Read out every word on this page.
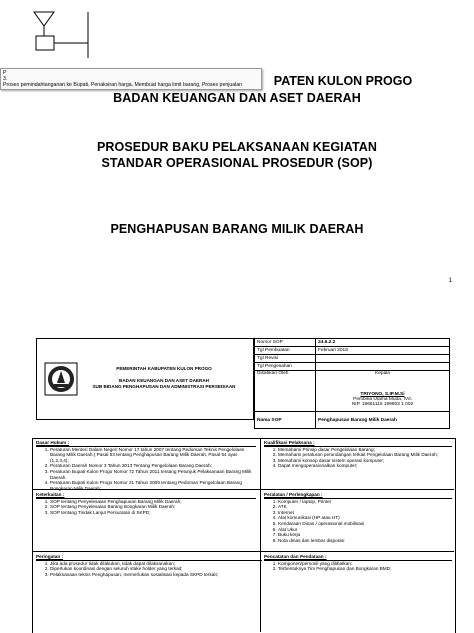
P
3.
Proses pemindahtanganan ke Bupati, Penaksiran harga, Membuat harga limit barang, Proses penjualan	PATEN KULON PROGO
BADAN KEUANGAN DAN ASET DAERAH
PROSEDUR BAKU PELAKSANAAN KEGIATAN
STANDAR OPERASIONAL PROSEDUR (SOP)
PENGHAPUSAN BARANG MILIK DAERAH
1
PEMERINTAH KABUPATEN KULON PROGO
BADAN KEUANGAN DAN ASET DAERAH
SUB BIDANG PENGHAPUSAN DAN ADMINISTRASI PERSEDIAAN
Nomor SOP	24.6.2.2
Tgl Pembuatan	Februari 2018
Tgl Revisi	
Tgl Pengesahan	
Disahkan Oleh	Kepala
TRIYONO, S.IP.M.Si
Pembina Utama Muda, IV/c
NIP. 19661115 199603 1 002

Nama SOP	Penghapusan Barang Milik Daerah
Dasar Hukum :
1. Peraturan Menteri Dalam Negeri Nomor 17 tahun 2007 tentang Pedoman Teknis Pengelolaan Barang Milik Daerah.( Pasal 53 tentang Penghapusan Barang Milik Daerah, Pasal 54 ayat (1,2,3,4);
2. Peraturan Daerah Nomor 3 Tahun 2013 Tentang Pengelolaan Barang Daerah;
3. Peraturan Bupati Kulon Progo Nomor 72 Tahun 2011 tentang Petunjuk Pelaksanaan Barang Milik Daerah.
4. Peraturan Bupati Kulon Progo Nomor 21 Tahun 2009 tentang Pedoman Pengelolaan Barang
Kualifikasi Pelaksana :
1. Memahami Prinsip dasar Pengelolaan Barang;
2. Memahami peraturan perundangan terkait Pengelolaan Barang Milik Daerah;
3. Memahami konsep dasar sistem operasi komputer;
4. Dapat mengoperasionalkan komputer;
Keterkaitan :
1. SOP tentang Penyelesaian Penghapusan Barang Milik Daerah;
2. SOP tentang Penyelesaian Barang Bongkaran Milik Daerah;
3. SOP tentang Tindak Lanjut Persuratan di SKPD;
Peralatan / Perlengkapan :
1. Komputer / laptop, Printer
2. ATK
3. Internet
4. Alat komunikasi (HP atau HT)
5. Kendaraan Dinas / operasional mobilisasi
6. Alat Ukur
7. Buku kerja
8. Nota dinas dan lembar disposisi
Peringatan :
1. Jika ada prosedur tidak dilakukan, tidak dapat dilaksanakan;
2. Diperlukan koordinasi dengan seluruh stake holder yang terkait;
3. Pelaksanaan teknis Penghapusan, memerlukan sosialisasi kepada SKPD terkait;
Pencatatan dan Pendataan :
1. Komponen/personil yang dilibatkan;
2. Terbentuknya Tim Penghapusan dan Bongkaran BMD;
